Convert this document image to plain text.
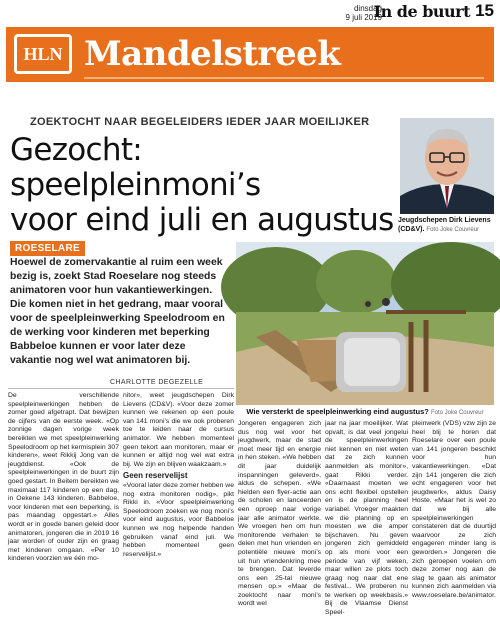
dinsdag
9 juli 2019
In de buurt 15
HLN Mandelstreek
ZOEKTOCHT NAAR BEGELEIDERS IEDER JAAR MOEILIJKER
Gezocht: speelpleinmoni’s
voor eind juli en augustus Jeugdschepen Dirk Lievens (CD&V). Foto Joke Couvreur
ROESELARE
Hoewel de zomervakantie al ruim een week bezig is, zoekt Stad Roeselare nog steeds animatoren voor hun vakantiewerkingen. Die komen niet in het gedrang, maar vooral voor de speelpleinwerking Speelodroom en de werking voor kinderen met beperking Babbeloe kunnen er voor later deze vakantie nog wel wat animatoren bij.
CHARLOTTE DEGEZELLE
Wie versterkt de speelpleinwerking eind augustus? Foto Joke Couvreur

De verschillende speelpleinwerkingen hebben de zomer goed afgetrapt. Dat bewijzen de cijfers van de eerste week. «Op zonnige dagen vorige week bereikten we met speelpleinwerking Speelodroom op het kermisplein 307 kinderen», weet Rikkij Jong van de jeugddienst. «Ook de speelpleinwerkingen in de buurt zijn goed gestart. In Beitem bereikten we maximaal 117 kinderen op een dag, in Oekene 143 kinderen. Babbeloe, voor kinderen met een beperking, is pas maandag opgestart.» Alles wordt er in goede banen geleid door animatoren, jongeren die in 2019 16 jaar worden of ouder zijn en graag met kinderen omgaan. «Per 10 kinderen voorzien we één mo-

nitor», weet jeugdschepen Dirk Lievens (CD&V). «Voor deze zomer kunnen we rekenen op een poule van 141 moni’s die we ook proberen toe te leiden naar de cursus animator. We hebben momenteel geen tekort aan monitoren, maar er kunnen er altijd nog wel wat extra bij. We zijn en blijven waakzaam.»

Geen reservelijst

«Vooral later deze zomer hebben we nog extra monitoren nodig», pikt Rikki in. «Voor speelpleinwerking Speelodroom zoeken we nog moni’s voor eind augustus, voor Babbeloe kunnen we nog helpende handen gebruiken vanaf eind juli. We hebben momenteel geen reservelijst.»

Jongeren engageren zich dus nog wel voor het jeugdwerk, maar de stad moet meer tijd en energie in hen steken. «We hebben dit jaar duidelijk inspanningen geleverd», aldus de schepen. «We hielden een flyer-actie aan de scholen en lanceerden een oproep naar vorige jaar alle animator werkte. We vroegen hen om hun monitorende verhalen te delen met hun vrienden en potentiële nieuwe moni’s uit hun vriendenkring mee te brengen. Dat leverde ons een 25-tal nieuwe mensen op.» «Maar de zoektocht naar moni’s wordt wel

jaar na jaar moeilijker. Wat opvalt, is dat veel jongelui de speelpleinwerkingen niet kennen en niet weten dat ze zich kunnen aanmelden als monitor», gaat Rikki verder. «Daarnaast moeten we ons echt flexibel opstellen en is de planning heel variabel. Vroeger maakten we die planning op en moesten we die amper bijschaven. Nu geven jongeren zich gemiddeld op als moni voor een periode van vijf weken, maar willen ze plots toch graag nog naar dat ene festival... We proberen nu te werken op weekbasis.» Bij de Vlaamse Dienst Speel-

pleinwerk (VDS) vzw zijn ze heel blij te horen dat Roeselare over een poule van 141 jongeren beschikt voor hun vakantiewerkingen. «Dat zijn 141 jongeren die zich echt engageren voor het jeugdwerk», aldus Daisy Hoste. «Maar het is wel zo dat we bij alle speelpleinwerkingen constateren dat de duurtijd waarvoor ze zich engageren minder lang is geworden.» Jongeren die zich geroepen voelen om deze zomer nog aan de slag te gaan als animator kunnen zich aanmelden via www.roeselare.be/animator.
